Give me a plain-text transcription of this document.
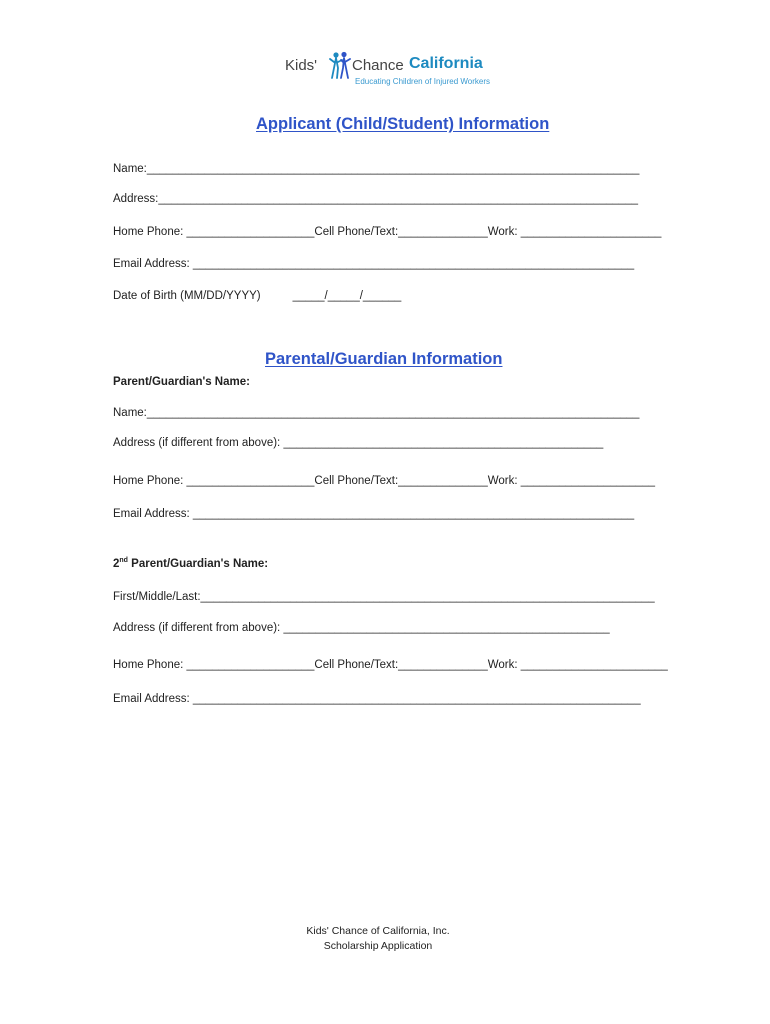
Kids' Chance California
Educating Children of Injured Workers
Applicant (Child/Student) Information
Name:_____________________________________________________________________________
Address:___________________________________________________________________________
Home Phone: ____________________Cell Phone/Text:______________Work: ______________________
Email Address: _____________________________________________________________________
Date of Birth (MM/DD/YYYY)          _____/_____/______
Parental/Guardian Information
Parent/Guardian's Name:
Name:_____________________________________________________________________________
Address (if different from above): __________________________________________________
Home Phone: ____________________Cell Phone/Text:______________Work: _____________________
Email Address: _____________________________________________________________________
2nd Parent/Guardian's Name:
First/Middle/Last:_______________________________________________________________________
Address (if different from above): ___________________________________________________
Home Phone: ____________________Cell Phone/Text:______________Work: _______________________
Email Address: ______________________________________________________________________
Kids' Chance of California, Inc.
Scholarship Application
